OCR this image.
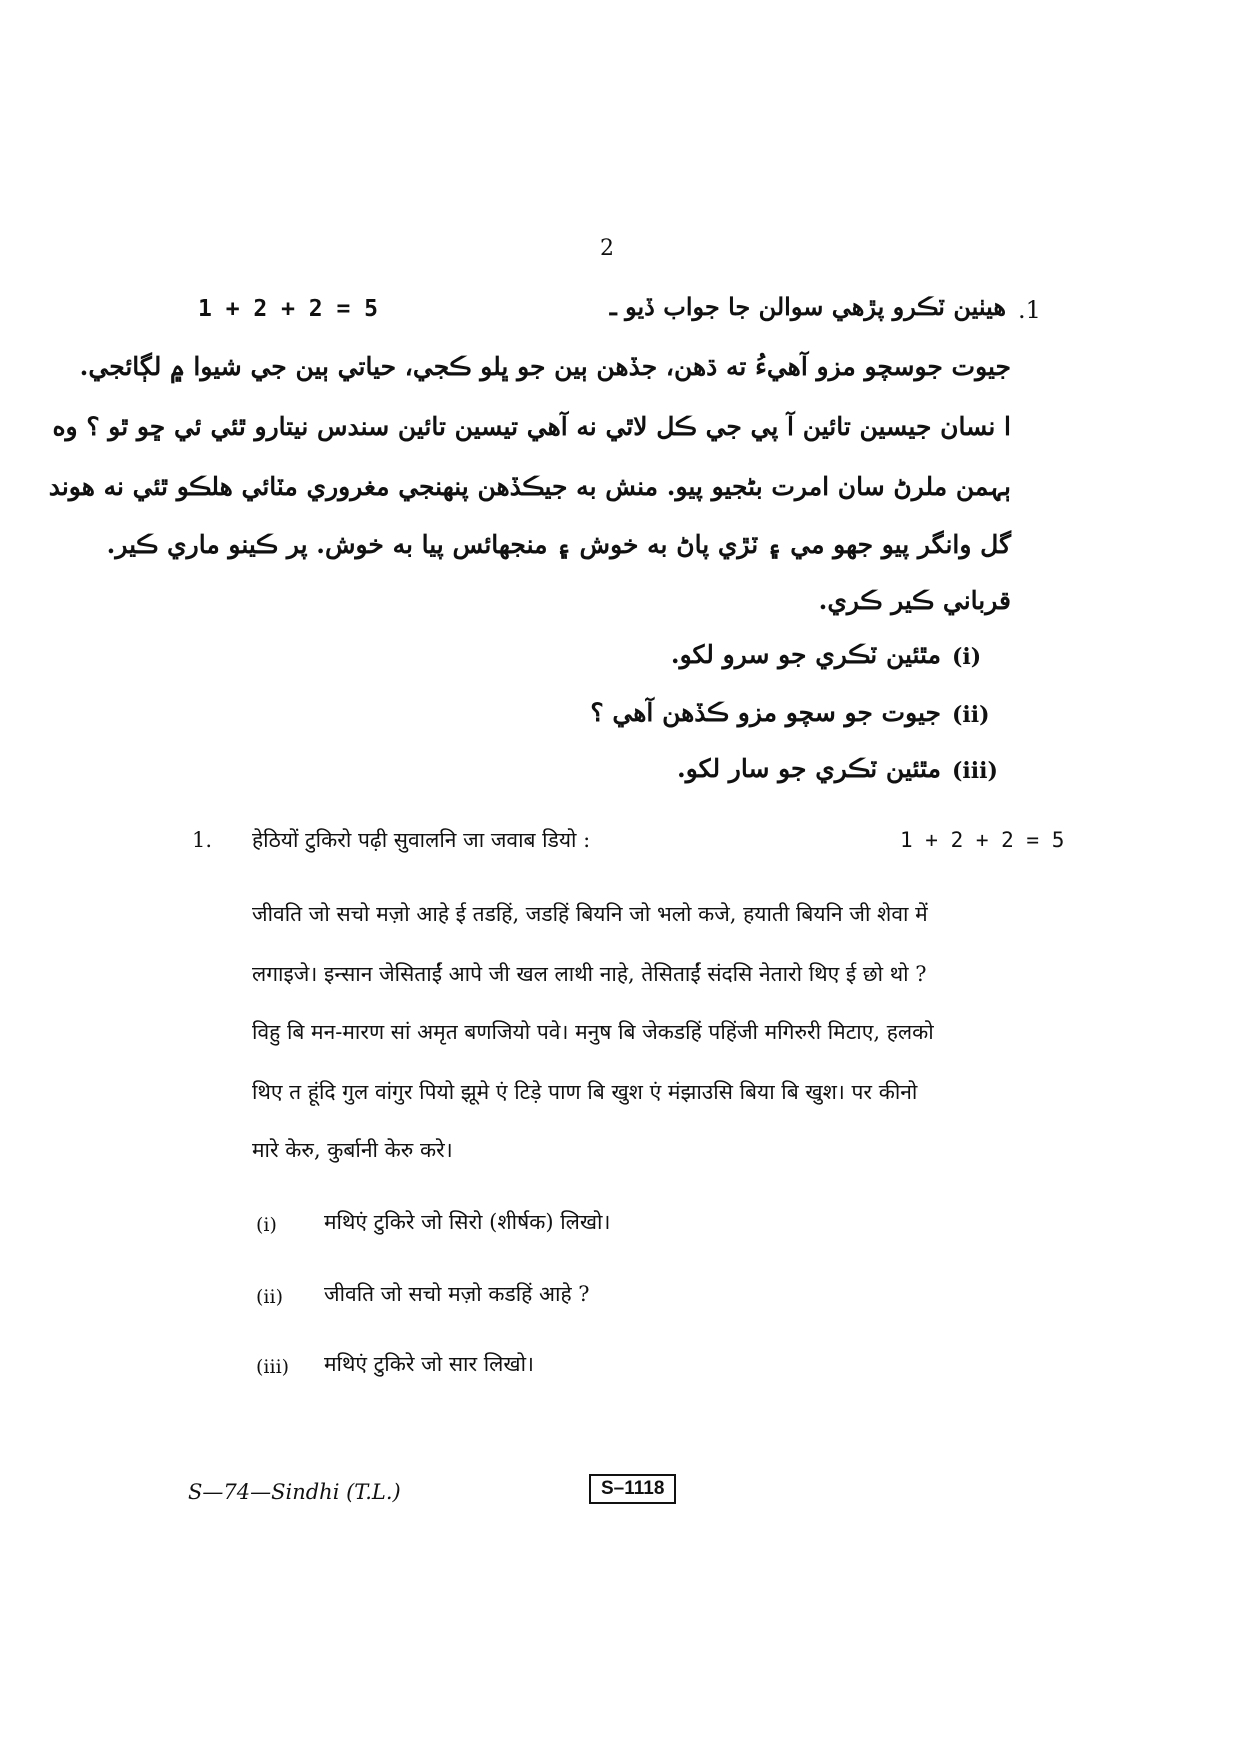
2
1 + 2 + 2 = 5	هيٺين ٽڪرو پڙهي سوالن جا جواب ڏيو ـ .1
جيوت جوسچو مزو آهيءُ ته ڌهن، جڏهن ٻين جو ڀلو ڪجي، حياتي ٻين جي شيوا ۾ لڳائجي.
ا نسان جيسين تائين آ پي جي ڪل لاٿي نه آهي تيسين تائين سندس نيتارو ٿئي ئي ڇو ٿو ؟ وه
ٻہمن ملرڻ سان امرت بڻجيو پيو. منش به جيڪڏهن پنهنجي مغروري مٽائي هلڪو ٿئي نه هوند
گل وانگر پيو جهو مي ۽ ٽڙي پاڻ به خوش ۽ منجهائس پيا به خوش. پر ڪينو ماري ڪير.
قرباني ڪير ڪري.
مٿئين ٽڪري جو سرو لکو. (i)
جيوت جو سچو مزو ڪڏهن آهي ؟ (ii)
مٿئين ٽڪري جو سار لکو. (iii)
1. हेठियों टुकिरो पढ़ी सुवालनि जा जवाब डियो :	1 + 2 + 2 = 5
जीवति जो सचो मज़ो आहे ई तडहिं, जडहिं बियनि जो भलो कजे, हयाती बियनि जी शेवा में
लगाइजे। इन्सान जेसिताईं आपे जी खल लाथी नाहे, तेसिताईं संदसि नेतारो थिए ई छो थो ?
विहु बि मन-मारण सां अमृत बणजियो पवे। मनुष बि जेकडहिं पहिंजी मगिरुरी मिटाए, हलको
थिए त हूंदि गुल वांगुर पियो झूमे एं टिड़े पाण बि खुश एं मंझाउसि बिया बि खुश। पर कीनो
मारे केरु, कुर्बानी केरु करे।
(i) मथिएं टुकिरे जो सिरो (शीर्षक) लिखो।
(ii) जीवति जो सचो मज़ो कडहिं आहे ?
(iii) मथिएं टुकिरे जो सार लिखो।
S—74—Sindhi (T.L.)	S–1118
